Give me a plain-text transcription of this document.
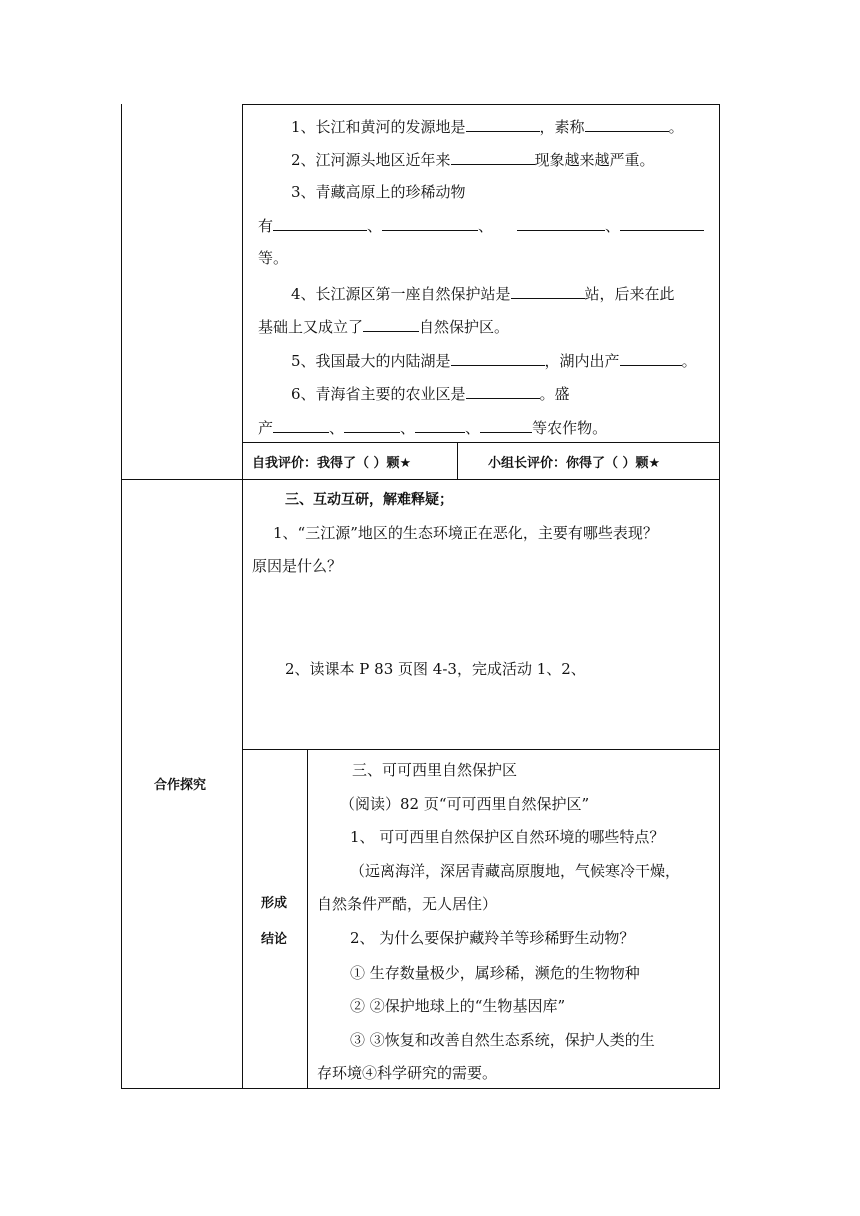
1、长江和黄河的发源地是	，素称	。
2、江河源头地区近年来	现象越来越严重。
3、青藏高原上的珍稀动物
有	、	、	、
等。
4、长江源区第一座自然保护站是	站，后来在此
基础上又成立了	自然保护区。
5、我国最大的内陆湖是	，湖内出产	。
6、青海省主要的农业区是	。盛
产	、	、	、	等农作物。
自我评价：我得了（ ）颗★	小组长评价：你得了（ ）颗★
合作探究
三、互动互研，解难释疑；
1、“三江源”地区的生态环境正在恶化，主要有哪些表现？
原因是什么？
2、读课本 P 83 页图 4-3，完成活动 1、2、
形成
结论
三、可可西里自然保护区
（阅读）82 页“可可西里自然保护区”
1、 可可西里自然保护区自然环境的哪些特点？
（远离海洋，深居青藏高原腹地，气候寒冷干燥，
自然条件严酷，无人居住）
2、 为什么要保护藏羚羊等珍稀野生动物？
① 生存数量极少，属珍稀，濒危的生物物种
② ②保护地球上的“生物基因库”
③ ③恢复和改善自然生态系统，保护人类的生
存环境④科学研究的需要。
